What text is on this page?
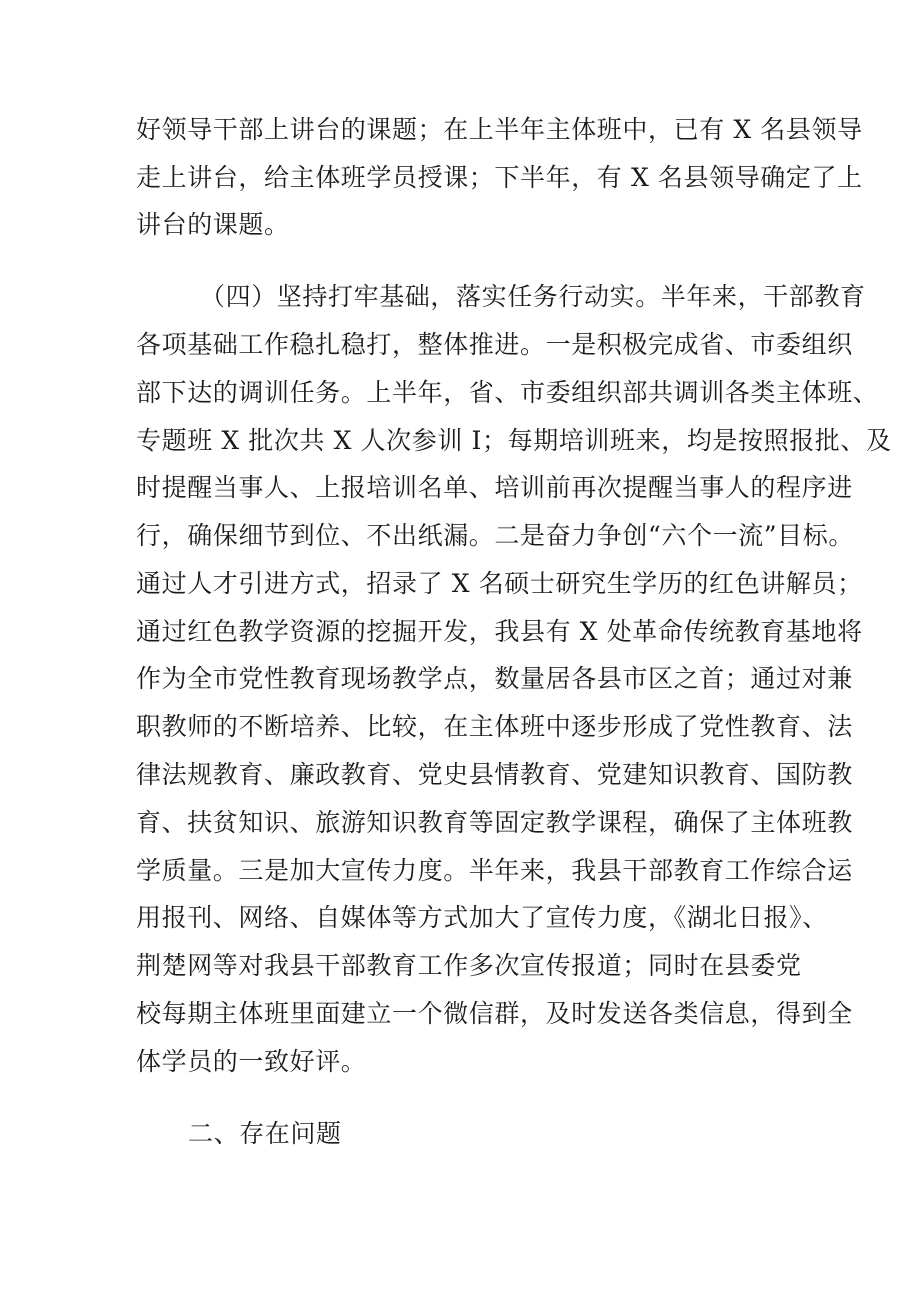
好领导干部上讲台的课题；在上半年主体班中，已有 X 名县领导
走上讲台，给主体班学员授课；下半年，有 X 名县领导确定了上
讲台的课题。
（四）坚持打牢基础，落实任务行动实。半年来，干部教育
各项基础工作稳扎稳打，整体推进。一是积极完成省、市委组织
部下达的调训任务。上半年，省、市委组织部共调训各类主体班、
专题班 X 批次共 X 人次参训 I；每期培训班来，均是按照报批、及
时提醒当事人、上报培训名单、培训前再次提醒当事人的程序进
行，确保细节到位、不出纸漏。二是奋力争创“六个一流”目标。
通过人才引进方式，招录了 X 名硕士研究生学历的红色讲解员；
通过红色教学资源的挖掘开发，我县有 X 处革命传统教育基地将
作为全市党性教育现场教学点，数量居各县市区之首；通过对兼
职教师的不断培养、比较，在主体班中逐步形成了党性教育、法
律法规教育、廉政教育、党史县情教育、党建知识教育、国防教
育、扶贫知识、旅游知识教育等固定教学课程，确保了主体班教
学质量。三是加大宣传力度。半年来，我县干部教育工作综合运
用报刊、网络、自媒体等方式加大了宣传力度，《湖北日报》、
荆楚网等对我县干部教育工作多次宣传报道；同时在县委党
校每期主体班里面建立一个微信群，及时发送各类信息，得到全
体学员的一致好评。
二、存在问题
